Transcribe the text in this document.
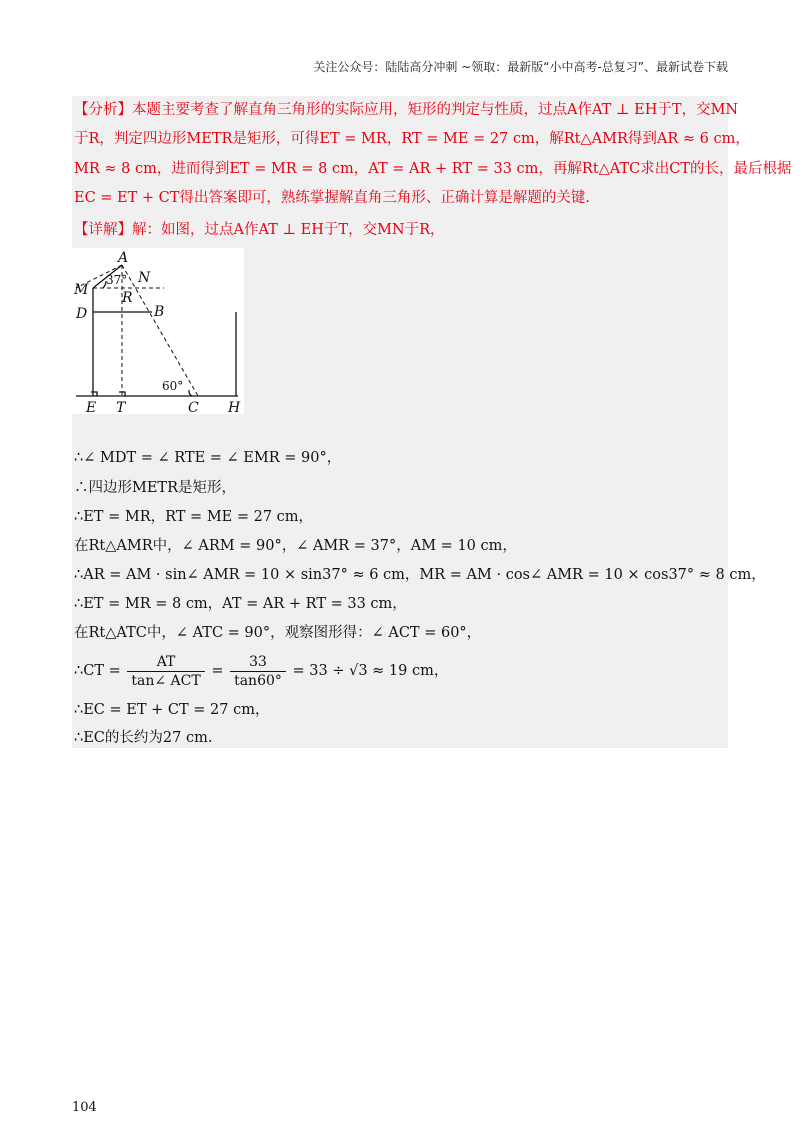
关注公众号：陆陆高分冲刺 ~领取：最新版“小中高考-总复习”、最新试卷下载
【分析】本题主要考查了解直角三角形的实际应用，矩形的判定与性质，过点A作AT ⊥ EH于T，交MN
于R，判定四边形METR是矩形，可得ET = MR，RT = ME = 27 cm，解Rt△AMR得到AR ≈ 6 cm，
MR ≈ 8 cm，进而得到ET = MR = 8 cm，AT = AR + RT = 33 cm，再解Rt△ATC求出CT的长，最后根据
EC = ET + CT得出答案即可，熟练掌握解直角三角形、正确计算是解题的关键.
【详解】解：如图，过点A作AT ⊥ EH于T，交MN于R，
A
N
M R
D	B
E T	C H
37°
60°
∴∠ MDT = ∠ RTE = ∠ EMR = 90°，
∴四边形METR是矩形，
∴ET = MR，RT = ME = 27 cm，
在Rt△AMR中，∠ ARM = 90°，∠ AMR = 37°，AM = 10 cm，
∴AR = AM · sin∠ AMR = 10 × sin37° ≈ 6 cm，MR = AM · cos∠ AMR = 10 × cos37° ≈ 8 cm，
∴ET = MR = 8 cm，AT = AR + RT = 33 cm，
在Rt△ATC中，∠ ATC = 90°，观察图形得：∠ ACT = 60°，
∴CT = $\frac{AT}{\text{tan∠ ACT}} = \frac{33}{\tan 60^\circ} = 33 \div √3 \approx 19$ cm，
∴EC = ET + CT = 27 cm，
∴EC的长约为27 cm.
104
